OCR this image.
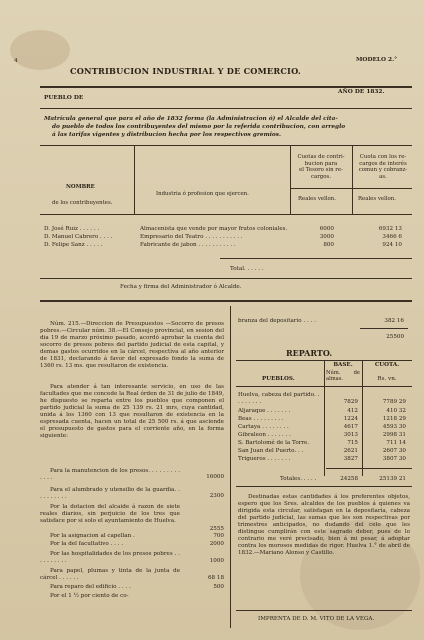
4	MODELO 2.°
CONTRIBUCION INDUSTRIAL Y DE COMERCIO.
PUEBLO DE
AÑO DE 1832.
Matrícula general que para el año de 1832 forma (la Administracion ó) el Alcalde del cita-
do pueblo de todos los contribuyentes del mismo por la referida contribucion, con arreglo
á las tarifas vigentes y distribucion hecha por los respectivos gremios.
NOMBRE
de los contribuyentes.
Industria ó profesion que ejercen.
Cuotas de contri-
bucion para
el Tesoro sin re-
cargos.
Cuota con los re-
cargos de interés
comun y cobranz-
as.
Reales vellon.	Reales vellon.
D. José Ruiz . . . . . .	Almacenista que vende por mayor frutos coloniales.	6000	6932 13
D. Manuel Cabrero . . . .	Empresario del Teatro . . . . . . . . . . .	3000	3466 6
D. Felipe Sanz . . . . .	Fabricante de jabon . . . . . . . . . . .	800	924 10
Total. . . . . .
Fecha y firma del Administrador ó Alcalde.
Núm. 215.—Direccion de Presupuestos —Socorro de presos pobres.—Circular núm. 38.—El Consejo provincial, en sesion del dia 19 de marzo próximo pasado, acordó aprobar la cuenta del socorro de presos pobres del partido judicial de esta capital, y demas gastos ocurridos en la cárcel, respectiva al año anterior de 1831, declarando á favor del expresado fondo la suma de 1360 rs. 13 ms. que resultaron de existencia.
Para atender á tan interesante servicio, en uso de las facultades que me concede la Real órden de 31 de julio de 1849, he dispuesto se reparta entre los pueblos que componen el partido judicial la suma de 25 139 rs. 21 mrs, cuya cantidad, unida á los 1360 con 13 que resultaron de existencia en la espresada cuenta, hacen un total de 25 500 rs. á que asciende el presupuesto de gastos para el corriente año, en la forma siguiente:
Para la manutencion de los presos. . . . . . . . . . . . .	16000
Para el alumbrado y utensilio de la guardia. . . . . . . . . .	2300
Por la dotacion del alcaide á razon de siete reales diarios, sin perjuicio de los tres que satisface por si solo el ayuntamiento de Huelva.
2555
Por la asignacion al capellan .	700
Por la del facultativo . . . .	2000
Por las hospitalidades de los presos pobres . . . . . . . . . .	1000
Para papel, plumas y tinta de la junta de cárcel . . . . . .	68 18
Para reparo del edificio . . . .	500
Por el 1 ½ por ciento de co-
branza del depositario . . . .	382 16
25500
REPARTO.
PUEBLOS.
BASE.
Núm. de almas.
CUOTA.
Rs. vn.
Huelva, cabeza del partido. . . . . . . . .	7829	7789 29
Aljaraque . . . . . . .	412	410 32
Beas . . . . . . . . .	1224	1218 29
Cartaya . . . . . . . .	4617	4593 30
Gibraleon . . . . . . .	3013	2998 31
S. Bartolomé de la Torre.	715	711 14
San Juan del Puerto. . .	2621	2607 30
Trigueros . . . . . . .	3827	3807 30
Totales. . . . .	24258	25139 21
Destinadas estas cantidades á los preferentes objetos, espero que los Sres. alcaldes de los pueblos á quienes va dirigida esta circular, satisfagan en la depositaría, cabeza del partido judicial, las sumas que les son respectivas por trimestres anticipados, no dudando del celo que les distingue cumplirán con este sagrado deber, pues de lo contrario me veré precisado, bien á mi pesar, á adoptar contra los morosos medidas de rigor. Huelva 1.° de abril de 1832.—Mariano Alonso y Castillo.
IMPRENTA DE D. M. VITO DE LA VEGA.
